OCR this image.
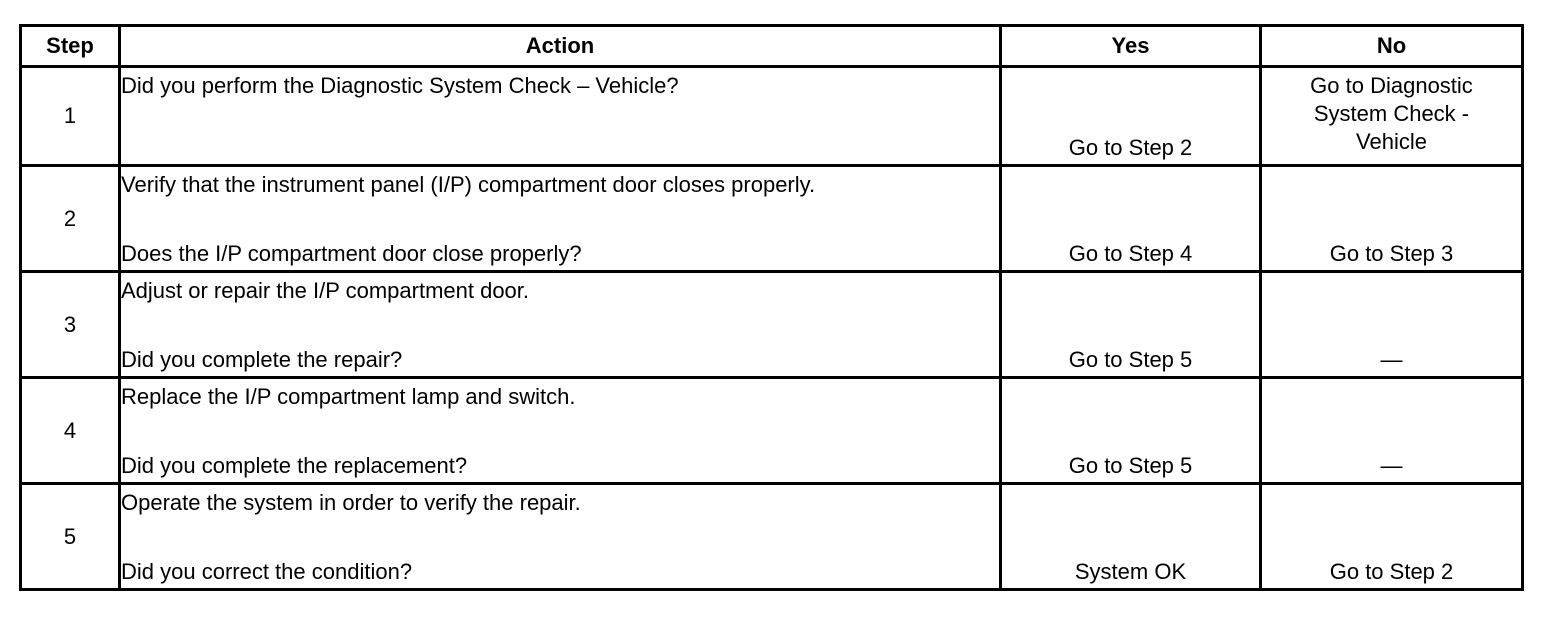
Step	Action	Yes	No
1	Did you perform the Diagnostic System Check – Vehicle?	Go to Step 2	Go to Diagnostic System Check - Vehicle

2	Verify that the instrument panel (I/P) compartment door closes properly.
Does the I/P compartment door close properly?	Go to Step 4	Go to Step 3

3	Adjust or repair the I/P compartment door.
Did you complete the repair?	Go to Step 5	—

4	Replace the I/P compartment lamp and switch.
Did you complete the replacement?	Go to Step 5	—

5	Operate the system in order to verify the repair.
Did you correct the condition?	System OK	Go to Step 2
